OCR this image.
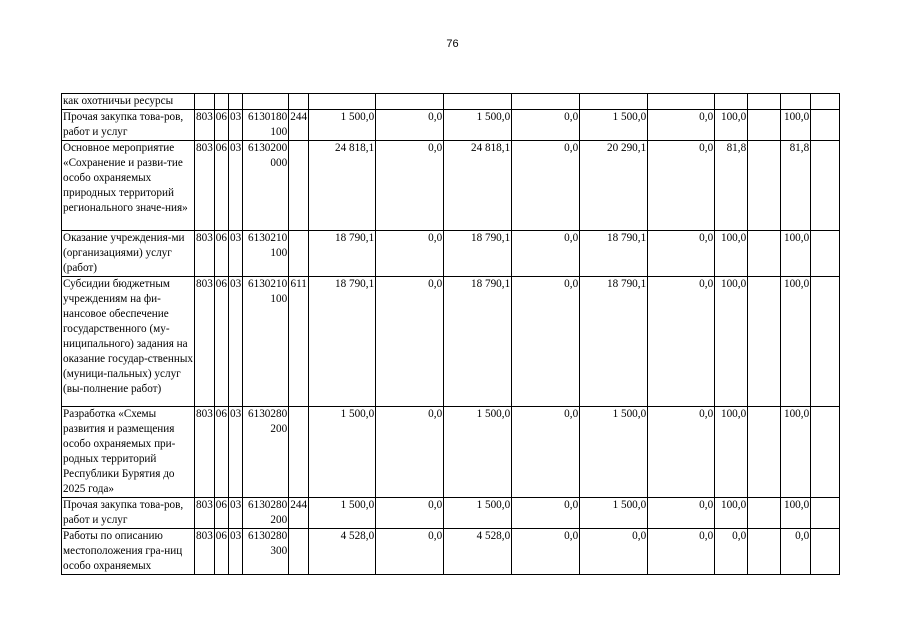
76
как охотничьи ресурсы															
Прочая закупка това-ров, работ и услуг	803	06	03	6130180100	244	1 500,0	0,0	1 500,0	0,0	1 500,0	0,0	100,0		100,0	
Основное мероприятие «Сохранение и разви-тие особо охраняемых природных территорий регионального значе-ния»	803	06	03	6130200000		24 818,1	0,0	24 818,1	0,0	20 290,1	0,0	81,8		81,8	
Оказание учреждения-ми (организациями) услуг (работ)	803	06	03	6130210100		18 790,1	0,0	18 790,1	0,0	18 790,1	0,0	100,0		100,0	
Субсидии бюджетным учреждениям на фи-нансовое обеспечение государственного (му-ниципального) задания на оказание государ-ственных (муници-пальных) услуг (вы-полнение работ)	803	06	03	6130210100	611	18 790,1	0,0	18 790,1	0,0	18 790,1	0,0	100,0		100,0	
Разработка «Схемы развития и размещения особо охраняемых при-родных территорий Республики Бурятия до 2025 года»	803	06	03	6130280200		1 500,0	0,0	1 500,0	0,0	1 500,0	0,0	100,0		100,0	
Прочая закупка това-ров, работ и услуг	803	06	03	6130280200	244	1 500,0	0,0	1 500,0	0,0	1 500,0	0,0	100,0		100,0	
Работы по описанию местоположения гра-ниц особо охраняемых	803	06	03	6130280300		4 528,0	0,0	4 528,0	0,0	0,0	0,0	0,0		0,0	
